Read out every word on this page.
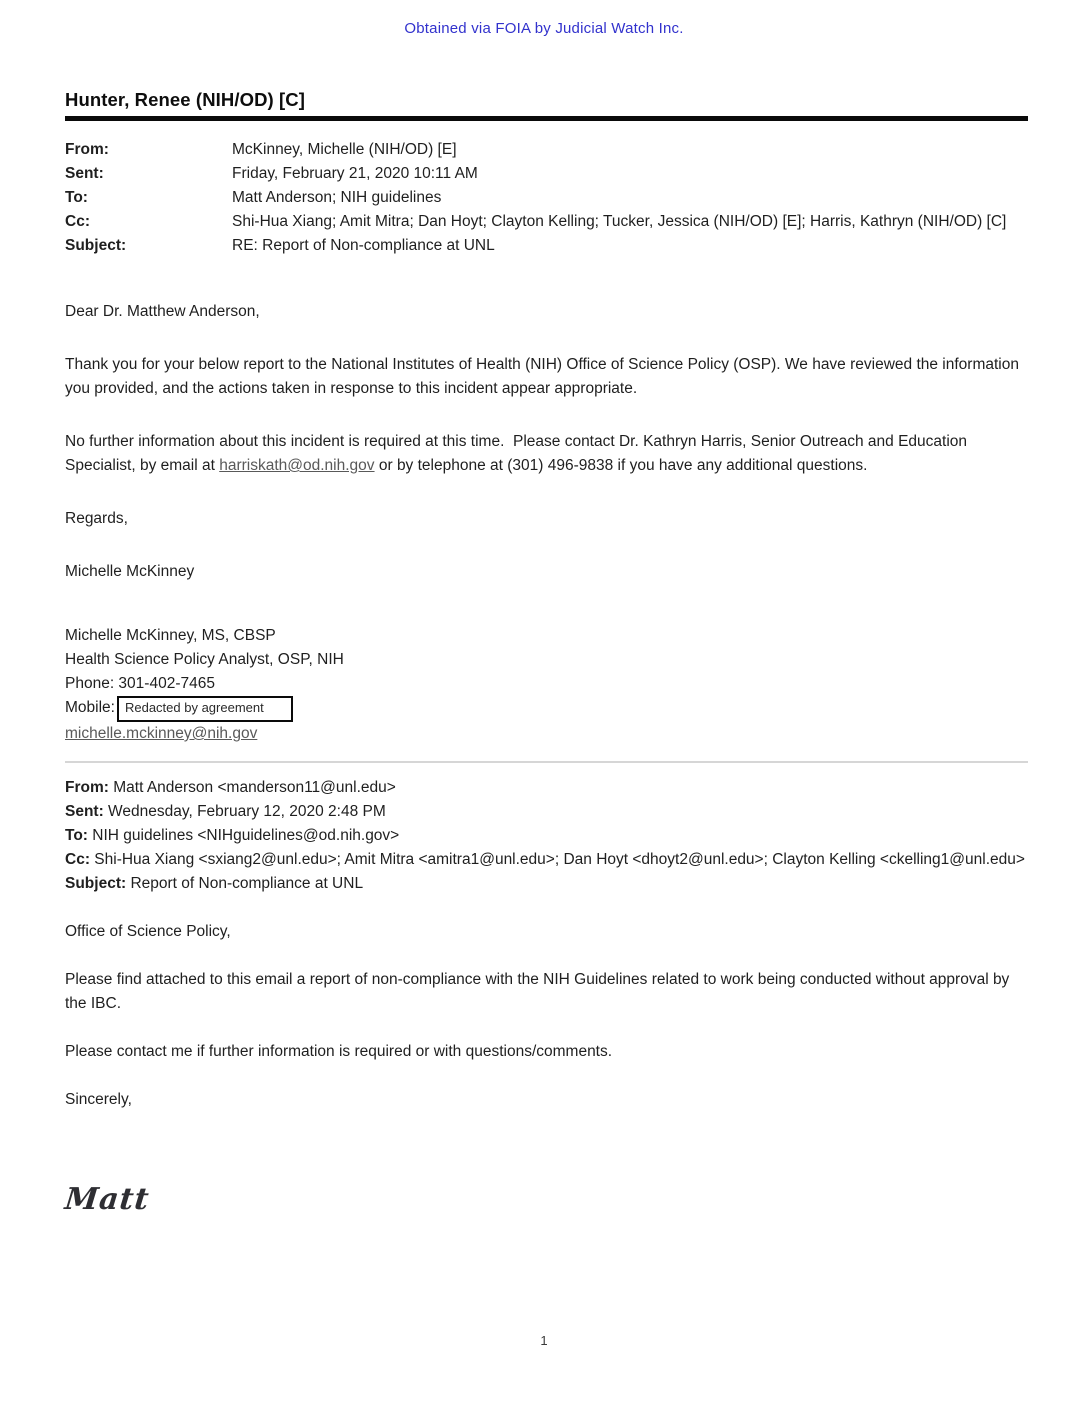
Obtained via FOIA by Judicial Watch Inc.
Hunter, Renee (NIH/OD) [C]
From:	McKinney, Michelle (NIH/OD) [E]
Sent:	Friday, February 21, 2020 10:11 AM
To:	Matt Anderson; NIH guidelines
Cc:	Shi-Hua Xiang; Amit Mitra; Dan Hoyt; Clayton Kelling; Tucker, Jessica (NIH/OD) [E]; Harris, Kathryn (NIH/OD) [C]
Subject:	RE: Report of Non-compliance at UNL

Dear Dr. Matthew Anderson,

Thank you for your below report to the National Institutes of Health (NIH) Office of Science Policy (OSP). We have reviewed the information you provided, and the actions taken in response to this incident appear appropriate.

No further information about this incident is required at this time.  Please contact Dr. Kathryn Harris, Senior Outreach and Education Specialist, by email at harriskath@od.nih.gov or by telephone at (301) 496-9838 if you have any additional questions.

Regards,

Michelle McKinney

Michelle McKinney, MS, CBSP
Health Science Policy Analyst, OSP, NIH
Phone: 301-402-7465
Mobile: Redacted by agreement
michelle.mckinney@nih.gov
From: Matt Anderson <manderson11@unl.edu>
Sent: Wednesday, February 12, 2020 2:48 PM
To: NIH guidelines <NIHguidelines@od.nih.gov>
Cc: Shi-Hua Xiang <sxiang2@unl.edu>; Amit Mitra <amitra1@unl.edu>; Dan Hoyt <dhoyt2@unl.edu>; Clayton Kelling <ckelling1@unl.edu>
Subject: Report of Non-compliance at UNL

Office of Science Policy,

Please find attached to this email a report of non-compliance with the NIH Guidelines related to work being conducted without approval by the IBC.

Please contact me if further information is required or with questions/comments.

Sincerely,

Matt
1
